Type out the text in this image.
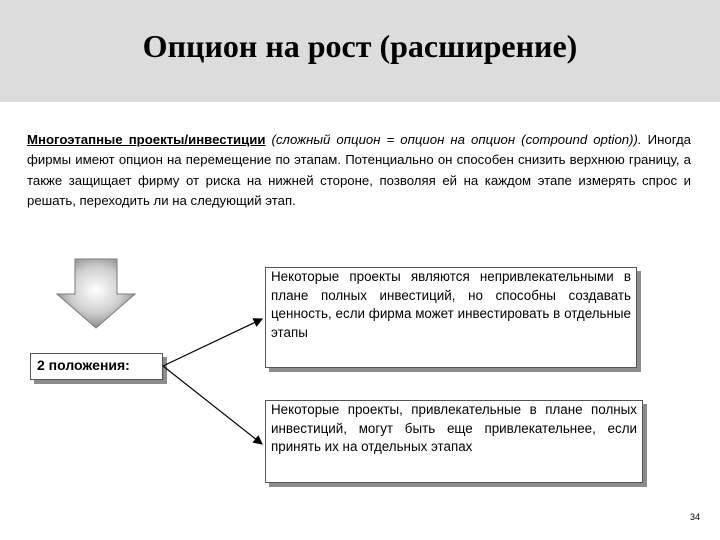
Опцион на рост (расширение)
Многоэтапные проекты/инвестиции (сложный опцион = опцион на опцион (compound option)). Иногда фирмы имеют опцион на перемещение по этапам. Потенциально он способен снизить верхнюю границу, а также защищает фирму от риска на нижней стороне, позволяя ей на каждом этапе измерять спрос и решать, переходить ли на следующий этап.
2 положения:
Некоторые проекты являются непривлекательными в плане полных инвестиций, но способны создавать ценность, если фирма может инвестировать в отдельные этапы
Некоторые проекты, привлекательные в плане полных инвестиций, могут быть еще привлекательнее, если принять их на отдельных этапах
34
